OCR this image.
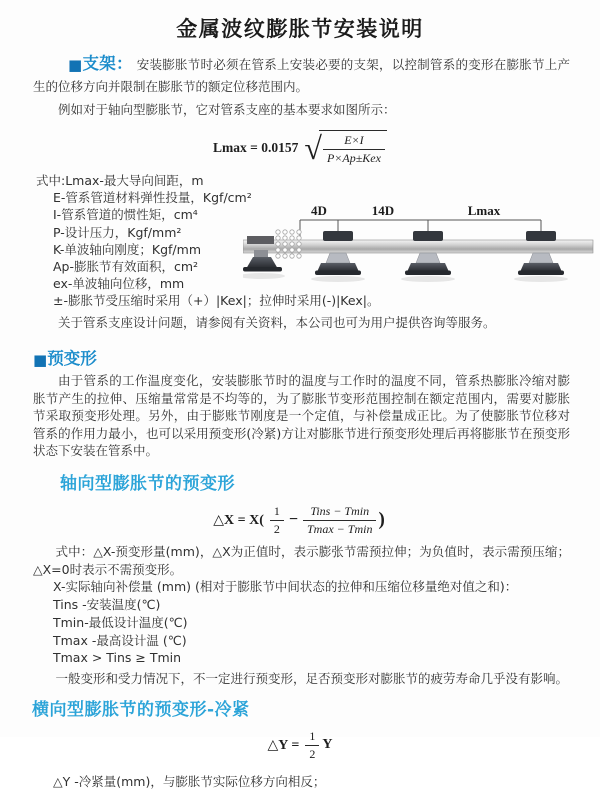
金属波纹膨胀节安装说明

■支架： 安装膨胀节时必须在管系上安装必要的支架，以控制管系的变形在膨胀节上产生的位移方向并限制在膨胀节的额定位移范围内。

例如对于轴向型膨胀节，它对管系支座的基本要求如图所示：

Lmax = 0.0157 √ $\frac{E\times I}{\text{P×Ap±Kex}}$
式中:Lmax-最大导向间距，m
E-管系管道材料弹性投量，Kgf/cm²
I-管系管道的惯性矩，cm⁴
P-设计压力，Kgf/mm²
K-单波轴向刚度；Kgf/mm
Ap-膨胀节有效面积，cm²
ex-单波轴向位移，mm
±-膨胀节受压缩时采用（+）|Kex|；拉伸时采用(-)|Kex|。

关于管系支座设计问题，请参阅有关资料，本公司也可为用户提供咨询等服务。

4D	14D	Lmax
■预变形

由于管系的工作温度变化，安装膨胀节时的温度与工作时的温度不同，管系热膨胀冷缩对膨胀节产生的拉伸、压缩量常常是不均等的，为了膨胀节变形范围控制在额定范围内，需要对膨胀节采取预变形处理。另外，由于膨账节刚度是一个定值，与补偿量成正比。为了使膨胀节位移对管系的作用力最小，也可以采用预变形(冷紧)方让对膨胀节进行预变形处理后再将膨胀节在预变形状态下安装在管系中。

轴向型膨胀节的预变形
△X = $X( \frac{1}{2} - \frac{\text{Tins − Tmin}}{Tmax - Tmin}$ )

式中：△X-预变形量(mm)，△X为正值时，表示膨张节需预拉伸；为负值时，表示需预压缩；△X=0时表示不需预变形。

X-实际轴向补偿量 (mm) (相对于膨胀节中间状态的拉伸和压缩位移量绝对值之和)：
Tins -安装温度(℃)
Tmin-最低设计温度(℃)
Tmax -最高设计温 (℃)
Tmax > Tins ≥ Tmin

一般变形和受力情况下，不一定进行预变形，足否预变形对膨胀节的疲劳寿命几乎没有影响。

横向型膨胀节的预变形-冷紧
△Y = $\frac{1}{2}$ Y

△Y -冷紧量(mm)，与膨胀节实际位移方向相反；
